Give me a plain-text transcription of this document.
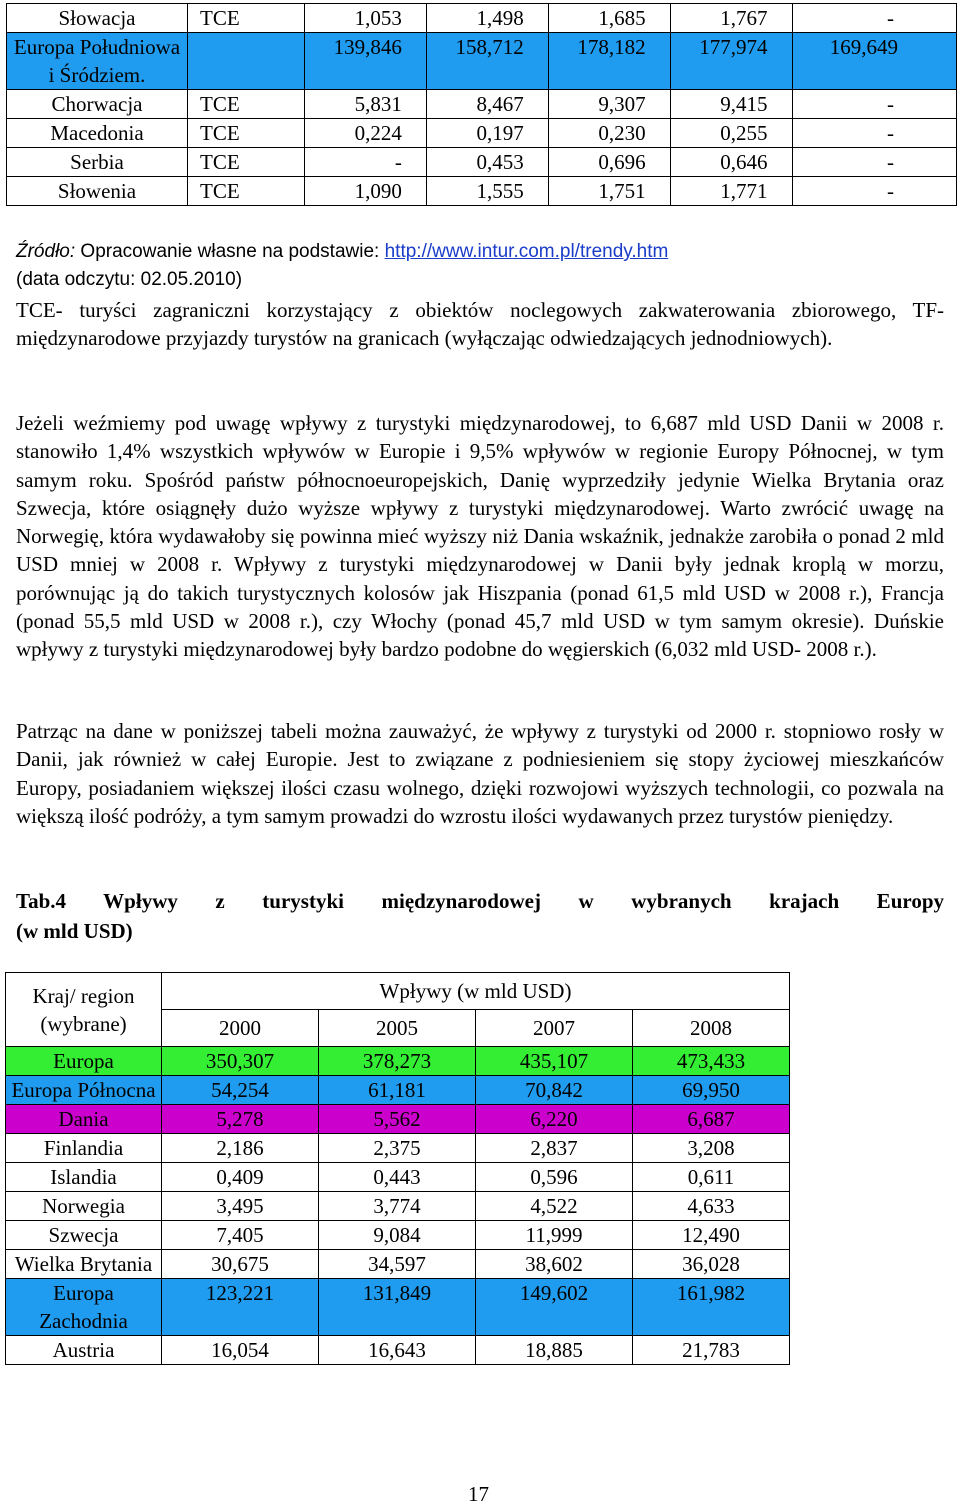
Słowacja	TCE	1,053	1,498	1,685	1,767	-
Europa Południowa i Śródziem.		139,846	158,712	178,182	177,974	169,649
Chorwacja	TCE	5,831	8,467	9,307	9,415	-
Macedonia	TCE	0,224	0,197	0,230	0,255	-
Serbia	TCE	-	0,453	0,696	0,646	-
Słowenia	TCE	1,090	1,555	1,751	1,771	-
Źródło: Opracowanie własne na podstawie: http://www.intur.com.pl/trendy.htm
(data odczytu: 02.05.2010)

TCE- turyści zagraniczni korzystający z obiektów noclegowych zakwaterowania zbiorowego, TF- międzynarodowe przyjazdy turystów na granicach (wyłączając odwiedzających jednodniowych).

Jeżeli weźmiemy pod uwagę wpływy z turystyki międzynarodowej, to 6,687 mld USD Danii w 2008 r. stanowiło 1,4% wszystkich wpływów w Europie i 9,5% wpływów w regionie Europy Północnej, w tym samym roku. Spośród państw północnoeuropejskich, Danię wyprzedziły jedynie Wielka Brytania oraz Szwecja, które osiągnęły dużo wyższe wpływy z turystyki międzynarodowej. Warto zwrócić uwagę na Norwegię, która wydawałoby się powinna mieć wyższy niż Dania wskaźnik, jednakże zarobiła o ponad 2 mld USD mniej w 2008 r. Wpływy z turystyki międzynarodowej w Danii były jednak kroplą w morzu, porównując ją do takich turystycznych kolosów jak Hiszpania (ponad 61,5 mld USD w 2008 r.), Francja (ponad 55,5 mld USD w 2008 r.), czy Włochy (ponad 45,7 mld USD w tym samym okresie). Duńskie wpływy z turystyki międzynarodowej były bardzo podobne do węgierskich (6,032 mld USD- 2008 r.).

Patrząc na dane w poniższej tabeli można zauważyć, że wpływy z turystyki od 2000 r. stopniowo rosły w Danii, jak również w całej Europie. Jest to związane z podniesieniem się stopy życiowej mieszkańców Europy, posiadaniem większej ilości czasu wolnego, dzięki rozwojowi wyższych technologii, co pozwala na większą ilość podróży, a tym samym prowadzi do wzrostu ilości wydawanych przez turystów pieniędzy.

Tab.4 Wpływy z turystyki międzynarodowej w wybranych krajach Europy

(w mld USD)

Kraj/ region (wybrane)	Wpływy (w mld USD)			
	2000	2005	2007	2008
Europa	350,307	378,273	435,107	473,433
Europa Północna	54,254	61,181	70,842	69,950
Dania	5,278	5,562	6,220	6,687
Finlandia	2,186	2,375	2,837	3,208
Islandia	0,409	0,443	0,596	0,611
Norwegia	3,495	3,774	4,522	4,633
Szwecja	7,405	9,084	11,999	12,490
Wielka Brytania	30,675	34,597	38,602	36,028
Europa Zachodnia	123,221	131,849	149,602	161,982
Austria	16,054	16,643	18,885	21,783
17
